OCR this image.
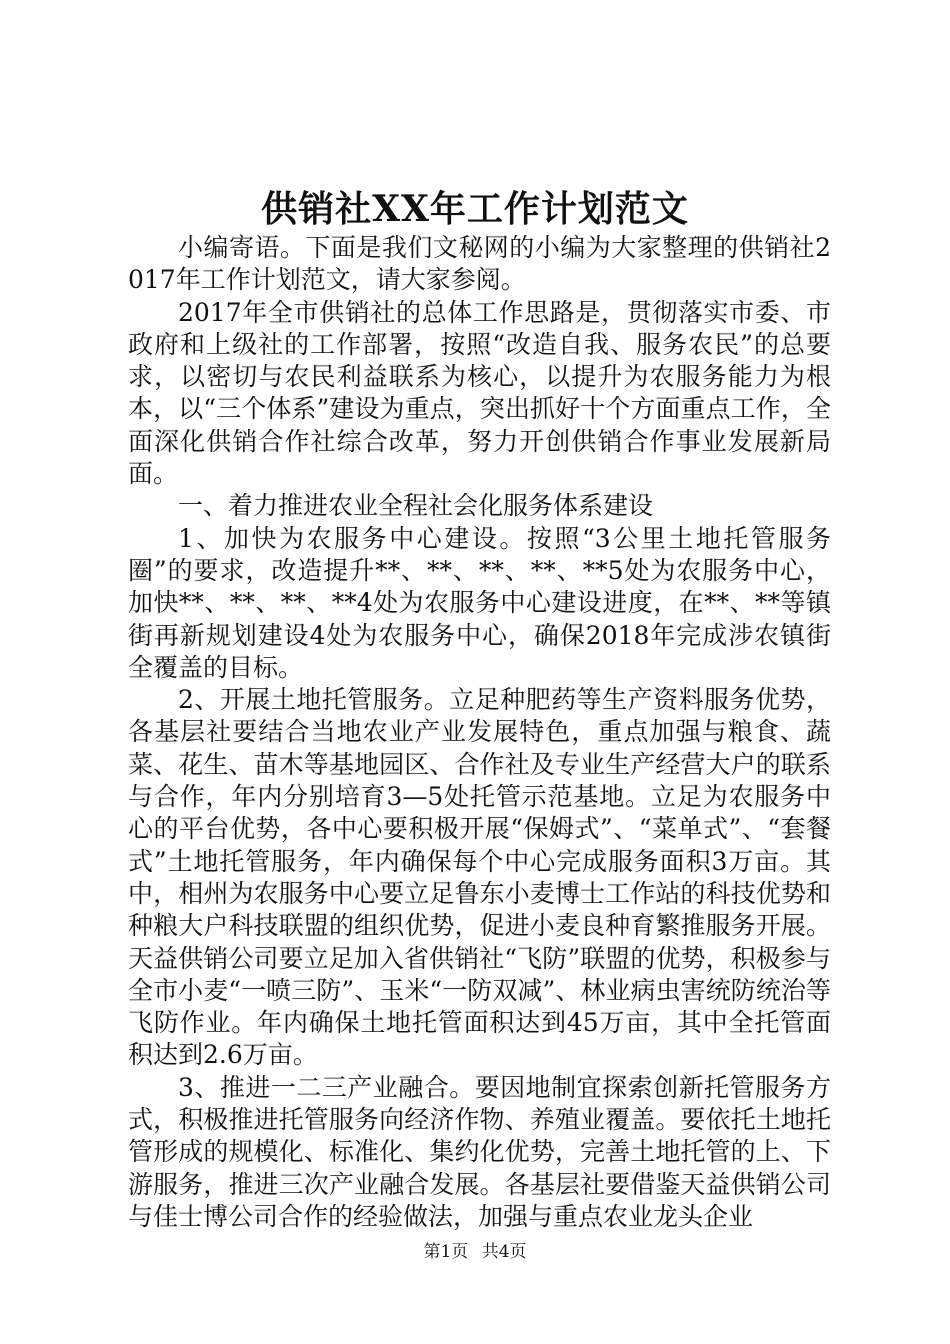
供销社XX年工作计划范文

小编寄语。下面是我们文秘网的小编为大家整理的供销社2017年工作计划范文，请大家参阅。

2017年全市供销社的总体工作思路是，贯彻落实市委、市政府和上级社的工作部署，按照“改造自我、服务农民”的总要求，以密切与农民利益联系为核心，以提升为农服务能力为根本，以“三个体系”建设为重点，突出抓好十个方面重点工作，全面深化供销合作社综合改革，努力开创供销合作事业发展新局面。

一、着力推进农业全程社会化服务体系建设

1、加快为农服务中心建设。按照“3公里土地托管服务圈”的要求，改造提升**、**、**、**、**5处为农服务中心，加快**、**、**、**4处为农服务中心建设进度，在**、**等镇街再新规划建设4处为农服务中心，确保2018年完成涉农镇街全覆盖的目标。

2、开展土地托管服务。立足种肥药等生产资料服务优势，各基层社要结合当地农业产业发展特色，重点加强与粮食、蔬菜、花生、苗木等基地园区、合作社及专业生产经营大户的联系与合作，年内分别培育3—5处托管示范基地。立足为农服务中心的平台优势，各中心要积极开展“保姆式”、“菜单式”、“套餐式”土地托管服务，年内确保每个中心完成服务面积3万亩。其中，相州为农服务中心要立足鲁东小麦博士工作站的科技优势和种粮大户科技联盟的组织优势，促进小麦良种育繁推服务开展。天益供销公司要立足加入省供销社“飞防”联盟的优势，积极参与全市小麦“一喷三防”、玉米“一防双减”、林业病虫害统防统治等飞防作业。年内确保土地托管面积达到45万亩，其中全托管面积达到2.6万亩。

3、推进一二三产业融合。要因地制宜探索创新托管服务方式，积极推进托管服务向经济作物、养殖业覆盖。要依托土地托管形成的规模化、标准化、集约化优势，完善土地托管的上、下游服务，推进三次产业融合发展。各基层社要借鉴天益供销公司与佳士博公司合作的经验做法，加强与重点农业龙头企业

第1页 共4页
